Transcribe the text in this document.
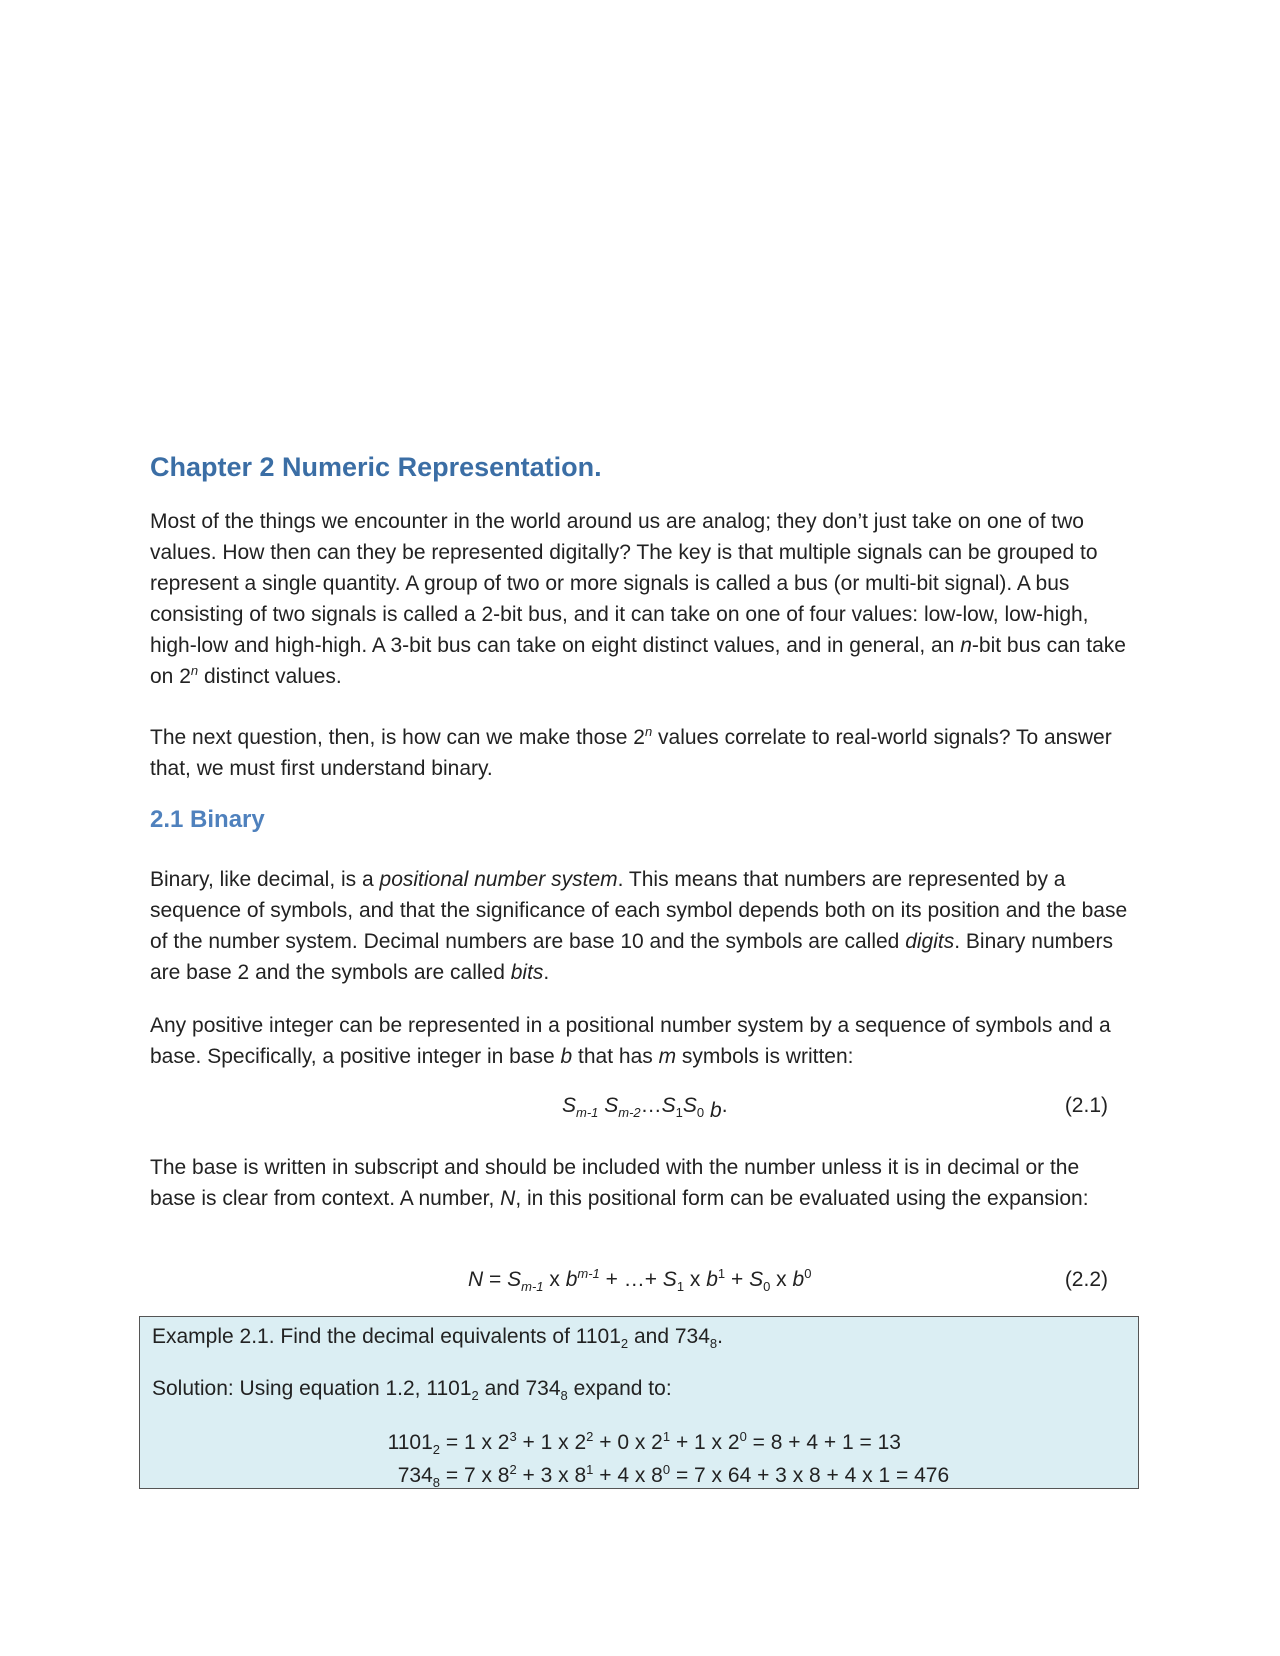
Chapter 2 Numeric Representation.

Most of the things we encounter in the world around us are analog; they don’t just take on one of two values. How then can they be represented digitally? The key is that multiple signals can be grouped to represent a single quantity. A group of two or more signals is called a bus (or multi-bit signal). A bus consisting of two signals is called a 2-bit bus, and it can take on one of four values: low-low, low-high, high-low and high-high. A 3-bit bus can take on eight distinct values, and in general, an n-bit bus can take on 2$^n$ distinct values.

The next question, then, is how can we make those 2$^n$ values correlate to real-world signals? To answer that, we must first understand binary.

2.1 Binary

Binary, like decimal, is a positional number system. This means that numbers are represented by a sequence of symbols, and that the significance of each symbol depends both on its position and the base of the number system. Decimal numbers are base 10 and the symbols are called digits. Binary numbers are base 2 and the symbols are called bits.

Any positive integer can be represented in a positional number system by a sequence of symbols and a base. Specifically, a positive integer in base b that has m symbols is written:

$S_{m-1}$ $S_{m-2}\dots S_1S_0$ $_b$.	(2.1)

The base is written in subscript and should be included with the number unless it is in decimal or the base is clear from context. A number, N, in this positional form can be evaluated using the expansion:

$N = S_{m-1}$ x $b^{m-1}$ + …+ $S_1$ x $b^1 + S_0$ x $b^0$	(2.2)
Example 2.1. Find the decimal equivalents of $1101_2$ and $734_8$.
Solution: Using equation 1.2, $1101_2$ and $734_8$ expand to:
$1101_2 = 1$ x $2^3 + 1$ x $2^2 + 0$ x $2^1 + 1$ x $2^0 = 8 + 4 + 1 = 13$
$734_8 = 7$ x $8^2 + 3$ x $8^1 + 4$ x $8^0 = 7$ x 64 + 3 x 8 + 4 x 1 = 476
